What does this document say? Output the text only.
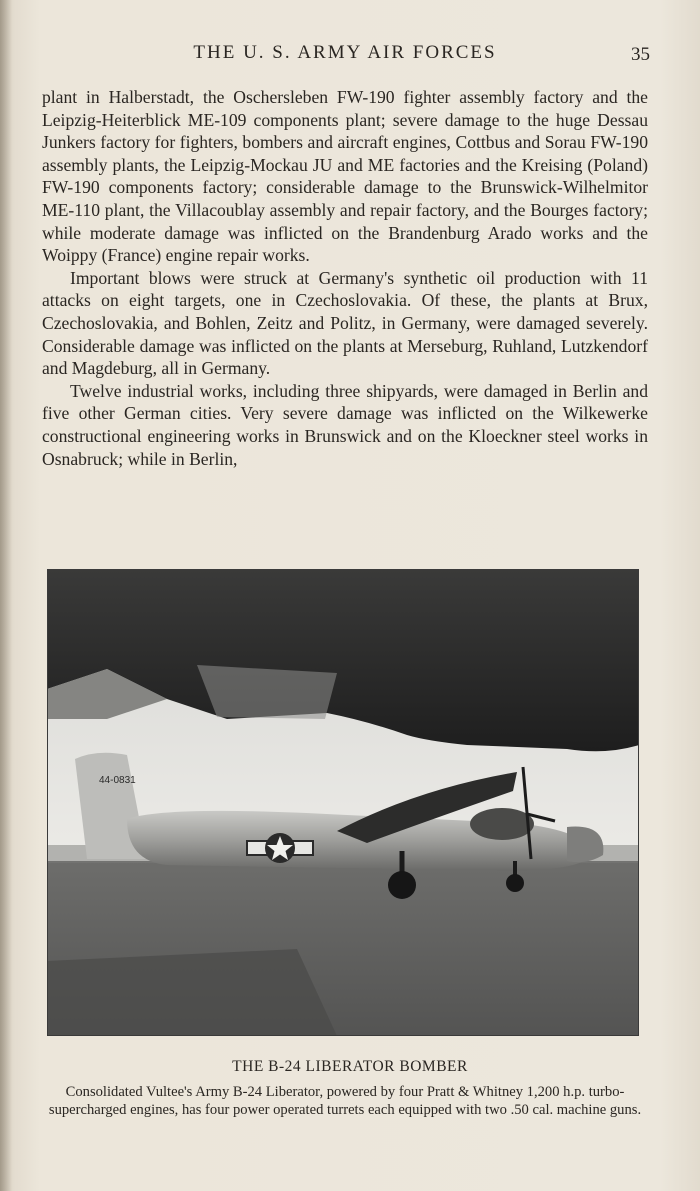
THE U. S. ARMY AIR FORCES	35

plant in Halberstadt, the Oschersleben FW-190 fighter assembly factory and the Leipzig-Heiterblick ME-109 components plant; severe damage to the huge Dessau Junkers factory for fighters, bombers and aircraft engines, Cottbus and Sorau FW-190 assembly plants, the Leipzig-Mockau JU and ME factories and the Kreising (Poland) FW-190 components factory; considerable damage to the Brunswick-Wilhelmitor ME-110 plant, the Villacoublay assembly and repair factory, and the Bourges factory; while moderate damage was inflicted on the Brandenburg Arado works and the Woippy (France) engine repair works.

Important blows were struck at Germany's synthetic oil production with 11 attacks on eight targets, one in Czechoslovakia. Of these, the plants at Brux, Czechoslovakia, and Bohlen, Zeitz and Politz, in Germany, were damaged severely. Considerable damage was inflicted on the plants at Merseburg, Ruhland, Lutzkendorf and Magdeburg, all in Germany.

Twelve industrial works, including three shipyards, were damaged in Berlin and five other German cities. Very severe damage was inflicted on the Wilkewerke constructional engineering works in Brunswick and on the Kloeckner steel works in Osnabruck; while in Berlin,

44-0831
THE B-24 LIBERATOR BOMBER
Consolidated Vultee's Army B-24 Liberator, powered by four Pratt & Whitney 1,200 h.p. turbo-supercharged engines, has four power operated turrets each equipped with two .50 cal. machine guns.
